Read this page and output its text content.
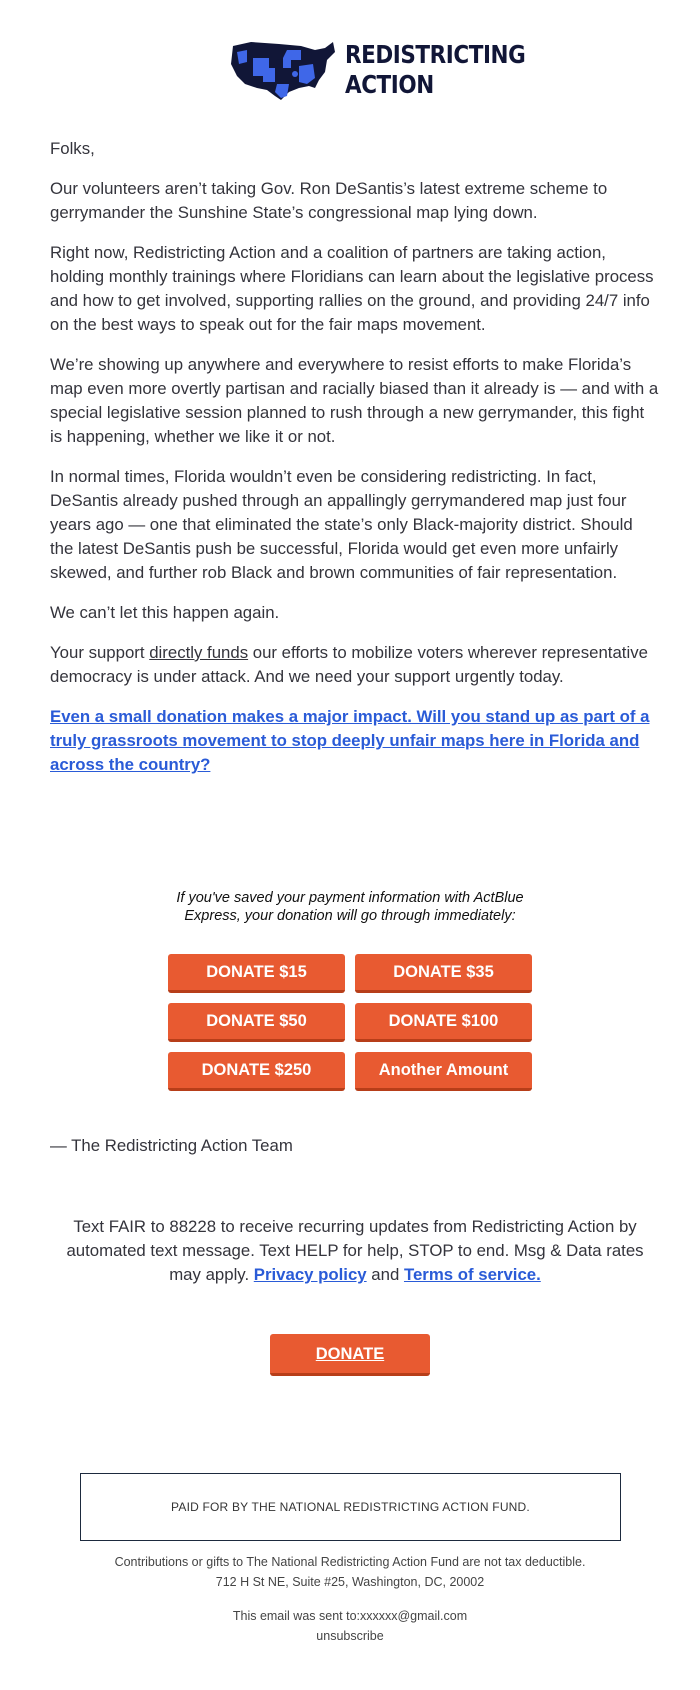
REDISTRICTING
ACTION

Folks,

Our volunteers aren’t taking Gov. Ron DeSantis’s latest extreme scheme to gerrymander the Sunshine State’s congressional map lying down.

Right now, Redistricting Action and a coalition of partners are taking action, holding monthly trainings where Floridians can learn about the legislative process and how to get involved, supporting rallies on the ground, and providing 24/7 info on the best ways to speak out for the fair maps movement.

We’re showing up anywhere and everywhere to resist efforts to make Florida’s map even more overtly partisan and racially biased than it already is — and with a special legislative session planned to rush through a new gerrymander, this fight is happening, whether we like it or not.

In normal times, Florida wouldn’t even be considering redistricting. In fact, DeSantis already pushed through an appallingly gerrymandered map just four years ago — one that eliminated the state’s only Black-majority district. Should the latest DeSantis push be successful, Florida would get even more unfairly skewed, and further rob Black and brown communities of fair representation.

We can’t let this happen again.

Your support directly funds our efforts to mobilize voters wherever representative democracy is under attack. And we need your support urgently today.

Even a small donation makes a major impact. Will you stand up as part of a truly grassroots movement to stop deeply unfair maps here in Florida and across the country?
If you've saved your payment information with ActBlue Express, your donation will go through immediately:
DONATE $15	DONATE $35
DONATE $50	DONATE $100
DONATE $250	Another Amount
— The Redistricting Action Team
Text FAIR to 88228 to receive recurring updates from Redistricting Action by automated text message. Text HELP for help, STOP to end. Msg & Data rates may apply. Privacy policy and Terms of service.
DONATE
PAID FOR BY THE NATIONAL REDISTRICTING ACTION FUND.
Contributions or gifts to The National Redistricting Action Fund are not tax deductible.
712 H St NE, Suite #25, Washington, DC, 20002
This email was sent to:xxxxxx@gmail.com
unsubscribe
